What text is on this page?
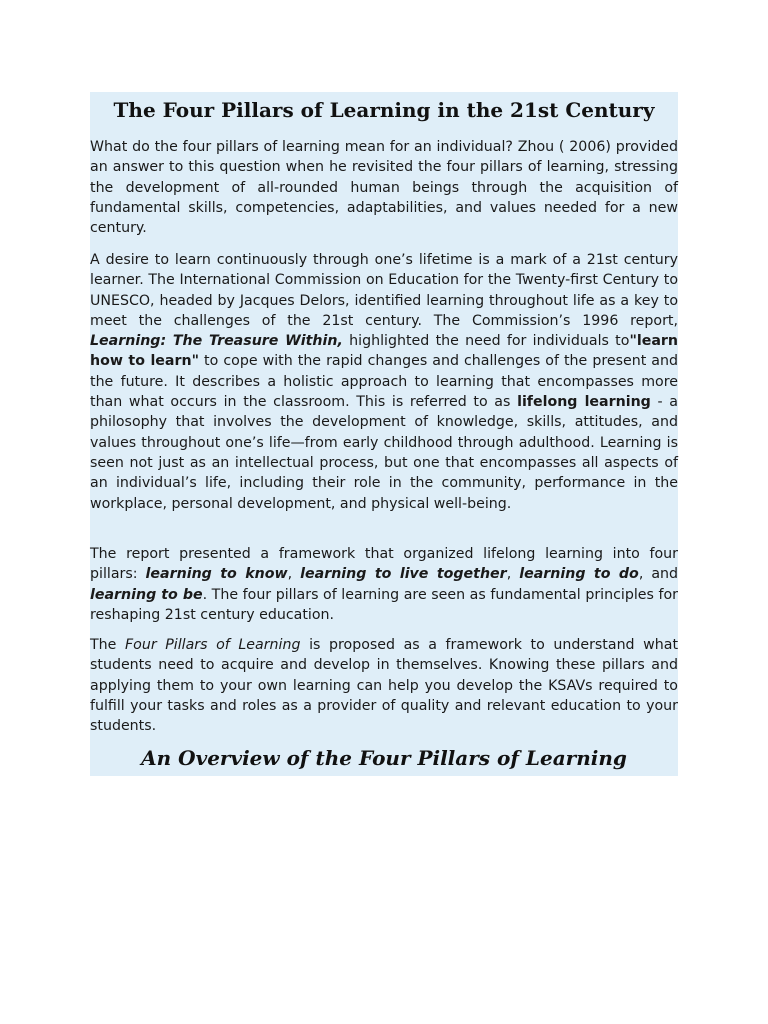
The Four Pillars of Learning in the 21st Century

What do the four pillars of learning mean for an individual? Zhou ( 2006) provided an answer to this question when he revisited the four pillars of learning, stressing the development of all-rounded human beings through the acquisition of fundamental skills, competencies, adaptabilities, and values needed for a new century.

A desire to learn continuously through one’s lifetime is a mark of a 21st century learner. The International Commission on Education for the Twenty-first Century to UNESCO, headed by Jacques Delors, identified learning throughout life as a key to meet the challenges of the 21st century. The Commission’s 1996 report, Learning: The Treasure Within, highlighted the need for individuals to"learn how to learn" to cope with the rapid changes and challenges of the present and the future. It describes a holistic approach to learning that encompasses more than what occurs in the classroom. This is referred to as lifelong learning - a philosophy that involves the development of knowledge, skills, attitudes, and values throughout one’s life—from early childhood through adulthood. Learning is seen not just as an intellectual process, but one that encompasses all aspects of an individual’s life, including their role in the community, performance in the workplace, personal development, and physical well-being.

The report presented a framework that organized lifelong learning into four pillars: learning to know, learning to live together, learning to do, and learning to be. The four pillars of learning are seen as fundamental principles for reshaping 21st century education.

The Four Pillars of Learning is proposed as a framework to understand what students need to acquire and develop in themselves. Knowing these pillars and applying them to your own learning can help you develop the KSAVs required to fulfill your tasks and roles as a provider of quality and relevant education to your students.

An Overview of the Four Pillars of Learning
